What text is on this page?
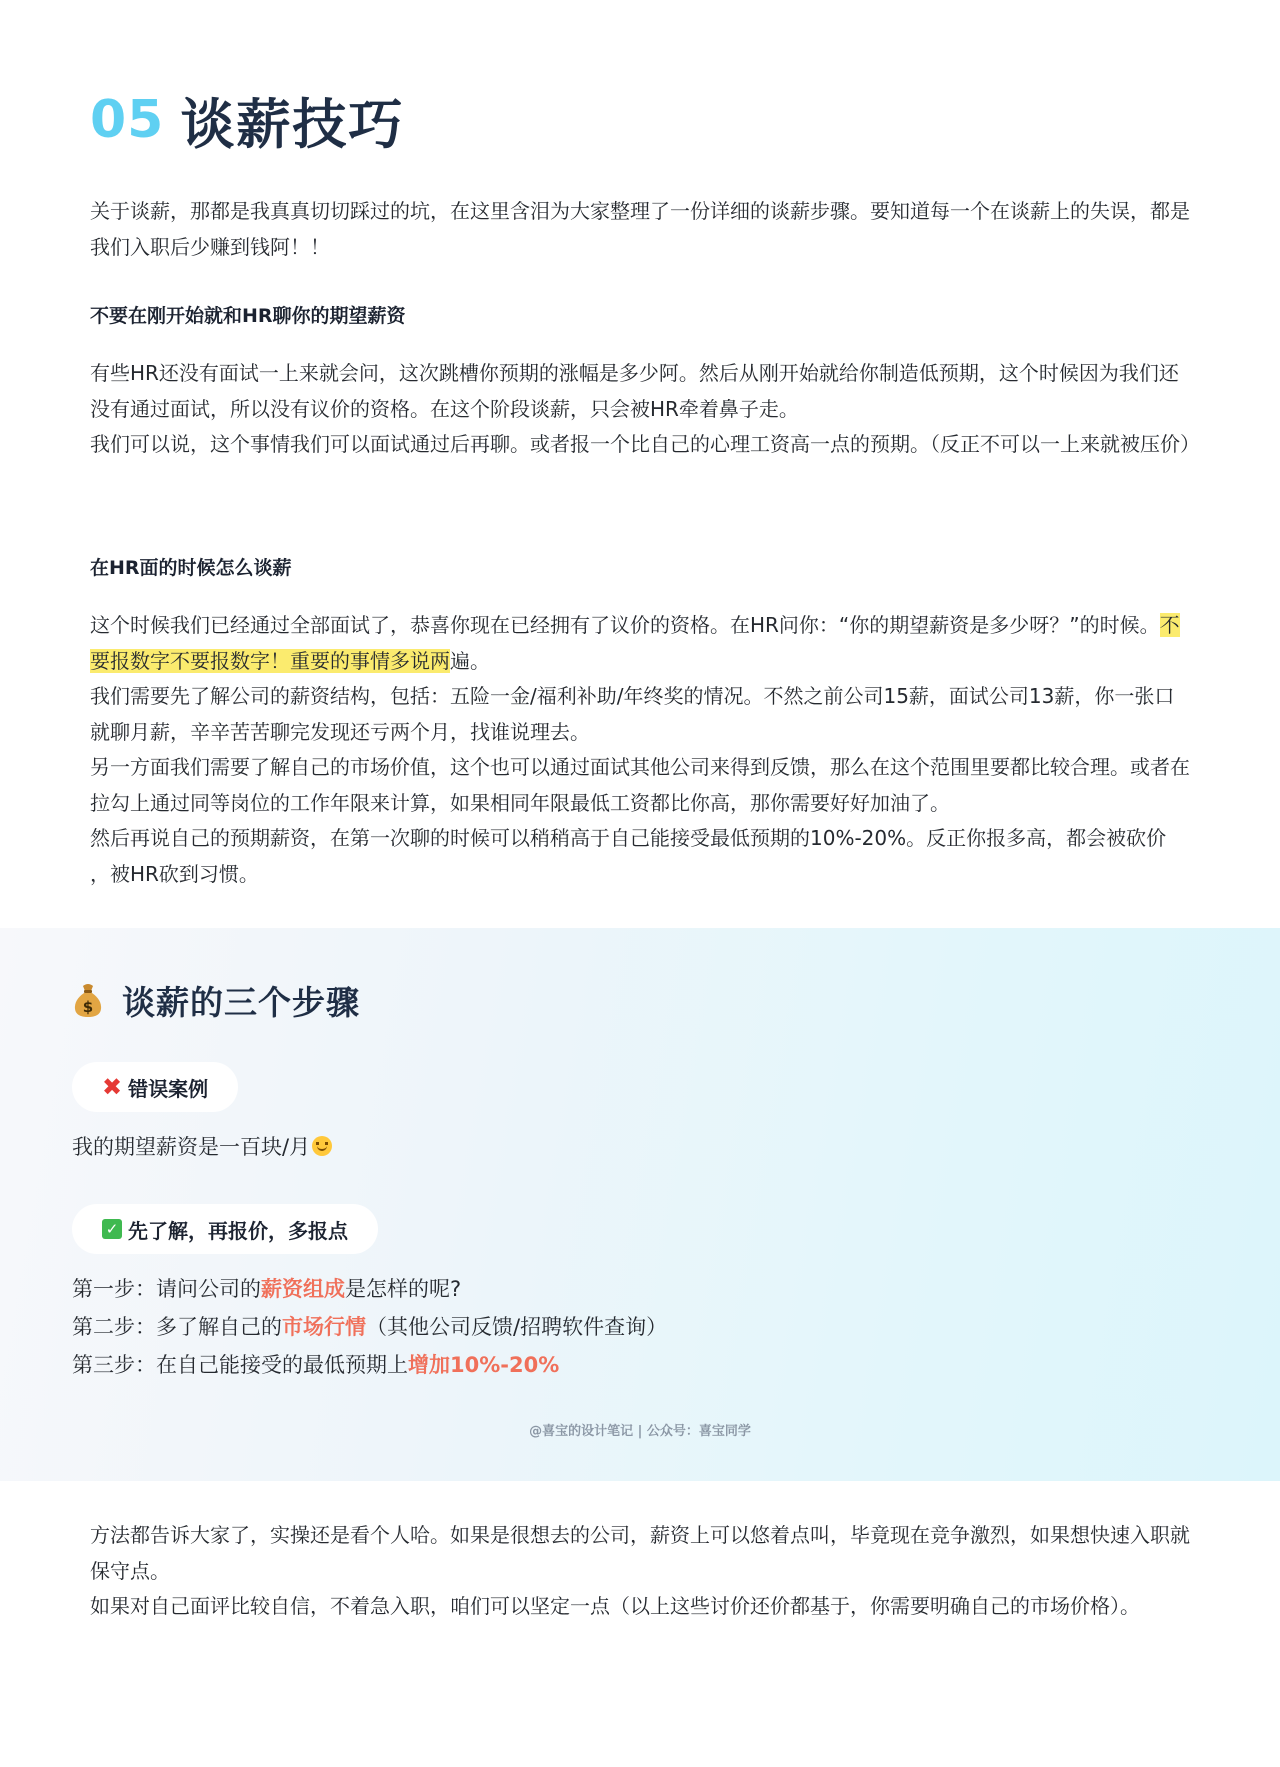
05 谈薪技巧

关于谈薪，那都是我真真切切踩过的坑，在这里含泪为大家整理了一份详细的谈薪步骤。要知道每一个在谈薪上的失误，都是我们入职后少赚到钱阿！！

不要在刚开始就和HR聊你的期望薪资

有些HR还没有面试一上来就会问，这次跳槽你预期的涨幅是多少阿。然后从刚开始就给你制造低预期，这个时候因为我们还没有通过面试，所以没有议价的资格。在这个阶段谈薪，只会被HR牵着鼻子走。

我们可以说，这个事情我们可以面试通过后再聊。或者报一个比自己的心理工资高一点的预期。（反正不可以一上来就被压价）

在HR面的时候怎么谈薪

这个时候我们已经通过全部面试了，恭喜你现在已经拥有了议价的资格。在HR问你：“你的期望薪资是多少呀？”的时候。不要报数字不要报数字！重要的事情多说两遍。

我们需要先了解公司的薪资结构，包括：五险一金/福利补助/年终奖的情况。不然之前公司15薪，面试公司13薪，你一张口就聊月薪，辛辛苦苦聊完发现还亏两个月，找谁说理去。

另一方面我们需要了解自己的市场价值，这个也可以通过面试其他公司来得到反馈，那么在这个范围里要都比较合理。或者在拉勾上通过同等岗位的工作年限来计算，如果相同年限最低工资都比你高，那你需要好好加油了。

然后再说自己的预期薪资，在第一次聊的时候可以稍稍高于自己能接受最低预期的10%-20%。反正你报多高，都会被砍价 ，被HR砍到习惯。

$ 谈薪的三个步骤
✖ 错误案例

我的期望薪资是一百块/月

✓ 先了解，再报价，多报点

第一步：请问公司的薪资组成是怎样的呢?

第二步：多了解自己的市场行情（其他公司反馈/招聘软件查询）

第三步：在自己能接受的最低预期上增加10%-20%

@喜宝的设计笔记 | 公众号：喜宝同学

方法都告诉大家了，实操还是看个人哈。如果是很想去的公司，薪资上可以悠着点叫，毕竟现在竞争激烈，如果想快速入职就保守点。

如果对自己面评比较自信，不着急入职，咱们可以坚定一点（以上这些讨价还价都基于，你需要明确自己的市场价格）。
